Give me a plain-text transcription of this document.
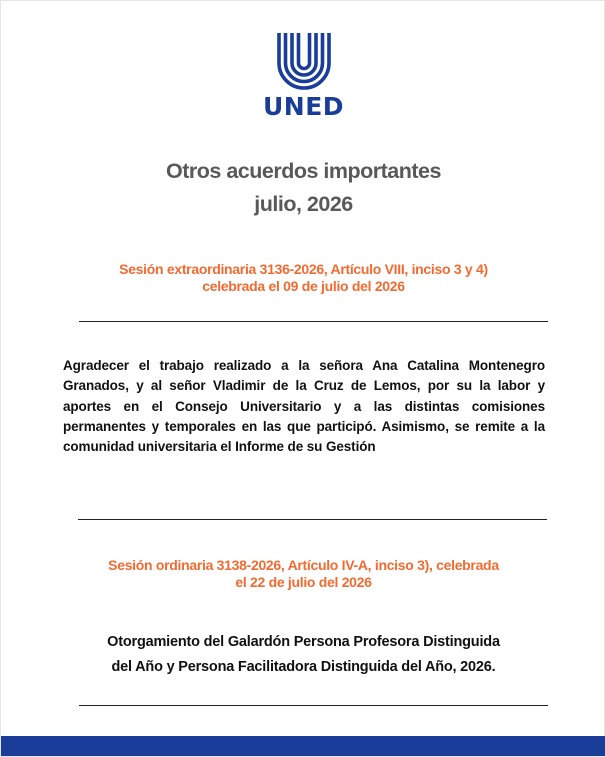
UNED
Otros acuerdos importantes
julio, 2026
Sesión extraordinaria 3136-2026, Artículo VIII, inciso 3 y 4)
celebrada el 09 de julio del 2026
Agradecer el trabajo realizado a la señora Ana Catalina Montenegro Granados, y al señor Vladimir de la Cruz de Lemos, por su la labor y aportes en el Consejo Universitario y a las distintas comisiones permanentes y temporales en las que participó. Asimismo, se remite a la comunidad universitaria el Informe de su Gestión
Sesión ordinaria 3138-2026, Artículo IV-A, inciso 3), celebrada
el 22 de julio del 2026
Otorgamiento del Galardón Persona Profesora Distinguida
del Año y Persona Facilitadora Distinguida del Año, 2026.
